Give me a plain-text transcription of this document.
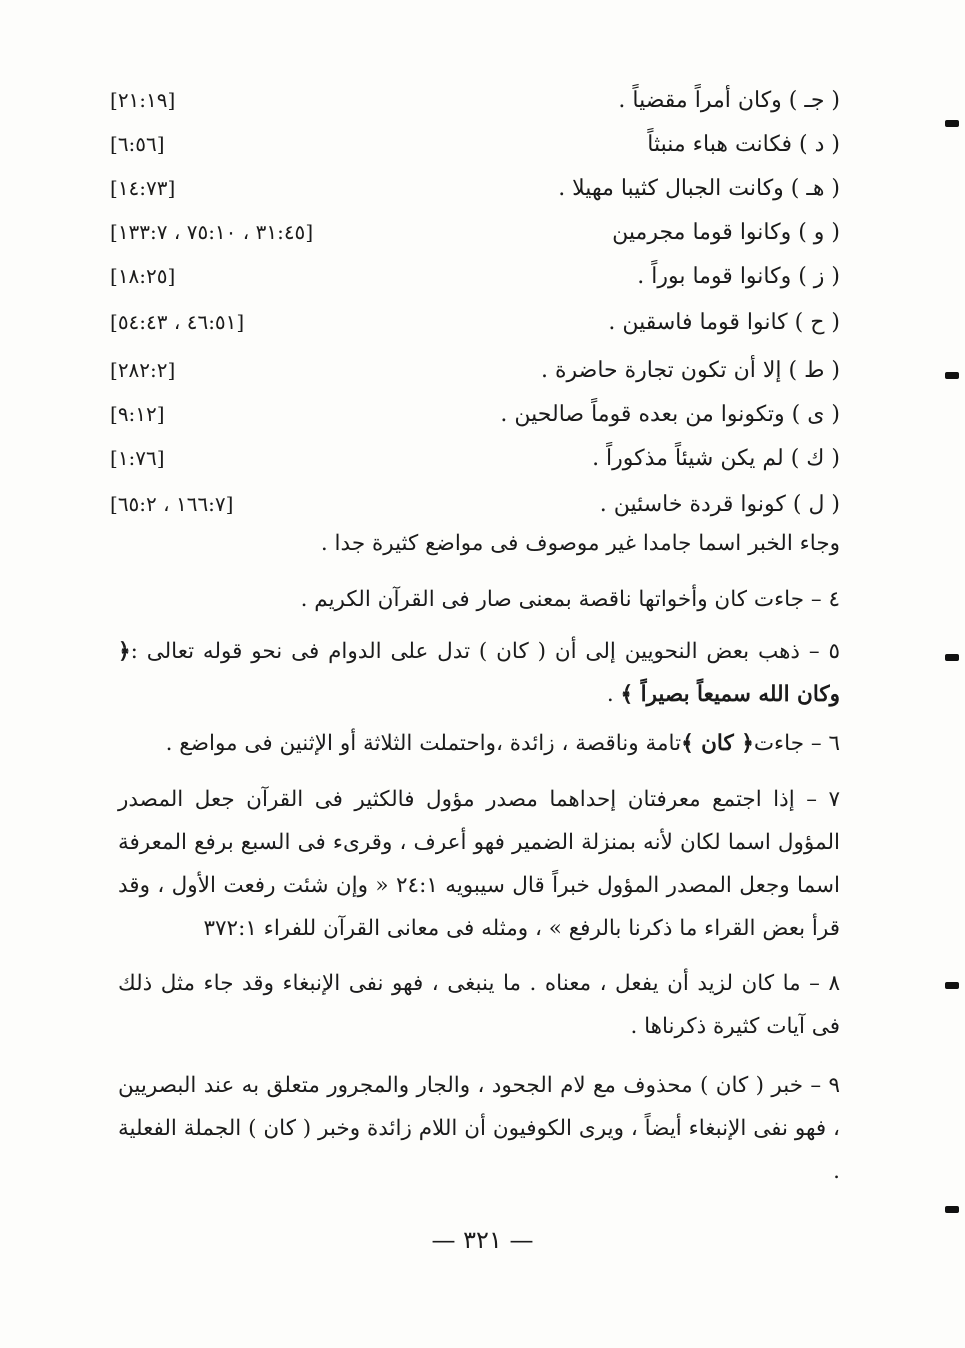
[٢١:١٩]	( جـ ) وكان أمراً مقضياً .
[٦:٥٦]	( د ) فكانت هباء منبثاً
[١٤:٧٣]	( هـ ) وكانت الجبال كثيبا مهيلا .
[٣١:٤٥ ، ٧٥:١٠ ، ١٣٣:٧]	( و ) وكانوا قوما مجرمين
[١٨:٢٥]	( ز ) وكانوا قوما بوراً .
[٤٦:٥١ ، ٥٤:٤٣]	( ح ) كانوا قوما فاسقين .
[٢٨٢:٢]	( ط ) إلا أن تكون تجارة حاضرة .
[٩:١٢]	( ى ) وتكونوا من بعده قوماً صالحين .
[١:٧٦]	( ك ) لم يكن شيئاً مذكوراً .
[١٦٦:٧ ، ٦٥:٢]	( ل ) كونوا قردة خاسئين .
وجاء الخبر اسما جامدا غير موصوف فى مواضع كثيرة جدا .
٤ – جاءت كان وأخواتها ناقصة بمعنى صار فى القرآن الكريم .
٥ – ذهب بعض النحويين إلى أن ( كان ) تدل على الدوام فى نحو قوله تعالى :﴿ وكان الله سميعاً بصيراً ﴾ .
٦ – جاءت﴿ كان ﴾تامة وناقصة ، زائدة ،واحتملت الثلاثة أو الإثنين فى مواضع .
٧ – إذا اجتمع معرفتان إحداهما مصدر مؤول فالكثير فى القرآن جعل المصدر المؤول اسما لكان لأنه بمنزلة الضمير فهو أعرف ، وقرىء فى السبع برفع المعرفة اسما وجعل المصدر المؤول خبراً قال سيبويه ٢٤:١ « وإن شئت رفعت الأول ، وقد قرأ بعض القراء ما ذكرنا بالرفع » ، ومثله فى معانى القرآن للفراء ٣٧٢:١
٨ – ما كان لزيد أن يفعل ، معناه . ما ينبغى ، فهو نفى الإنبغاء وقد جاء مثل ذلك فى آيات كثيرة ذكرناها .
٩ – خبر ( كان ) محذوف مع لام الجحود ، والجار والمجرور متعلق به عند البصريين ، فهو نفى الإنبغاء أيضاً ، ويرى الكوفيون أن اللام زائدة وخبر ( كان ) الجملة الفعلية .
— ٣٢١ —
